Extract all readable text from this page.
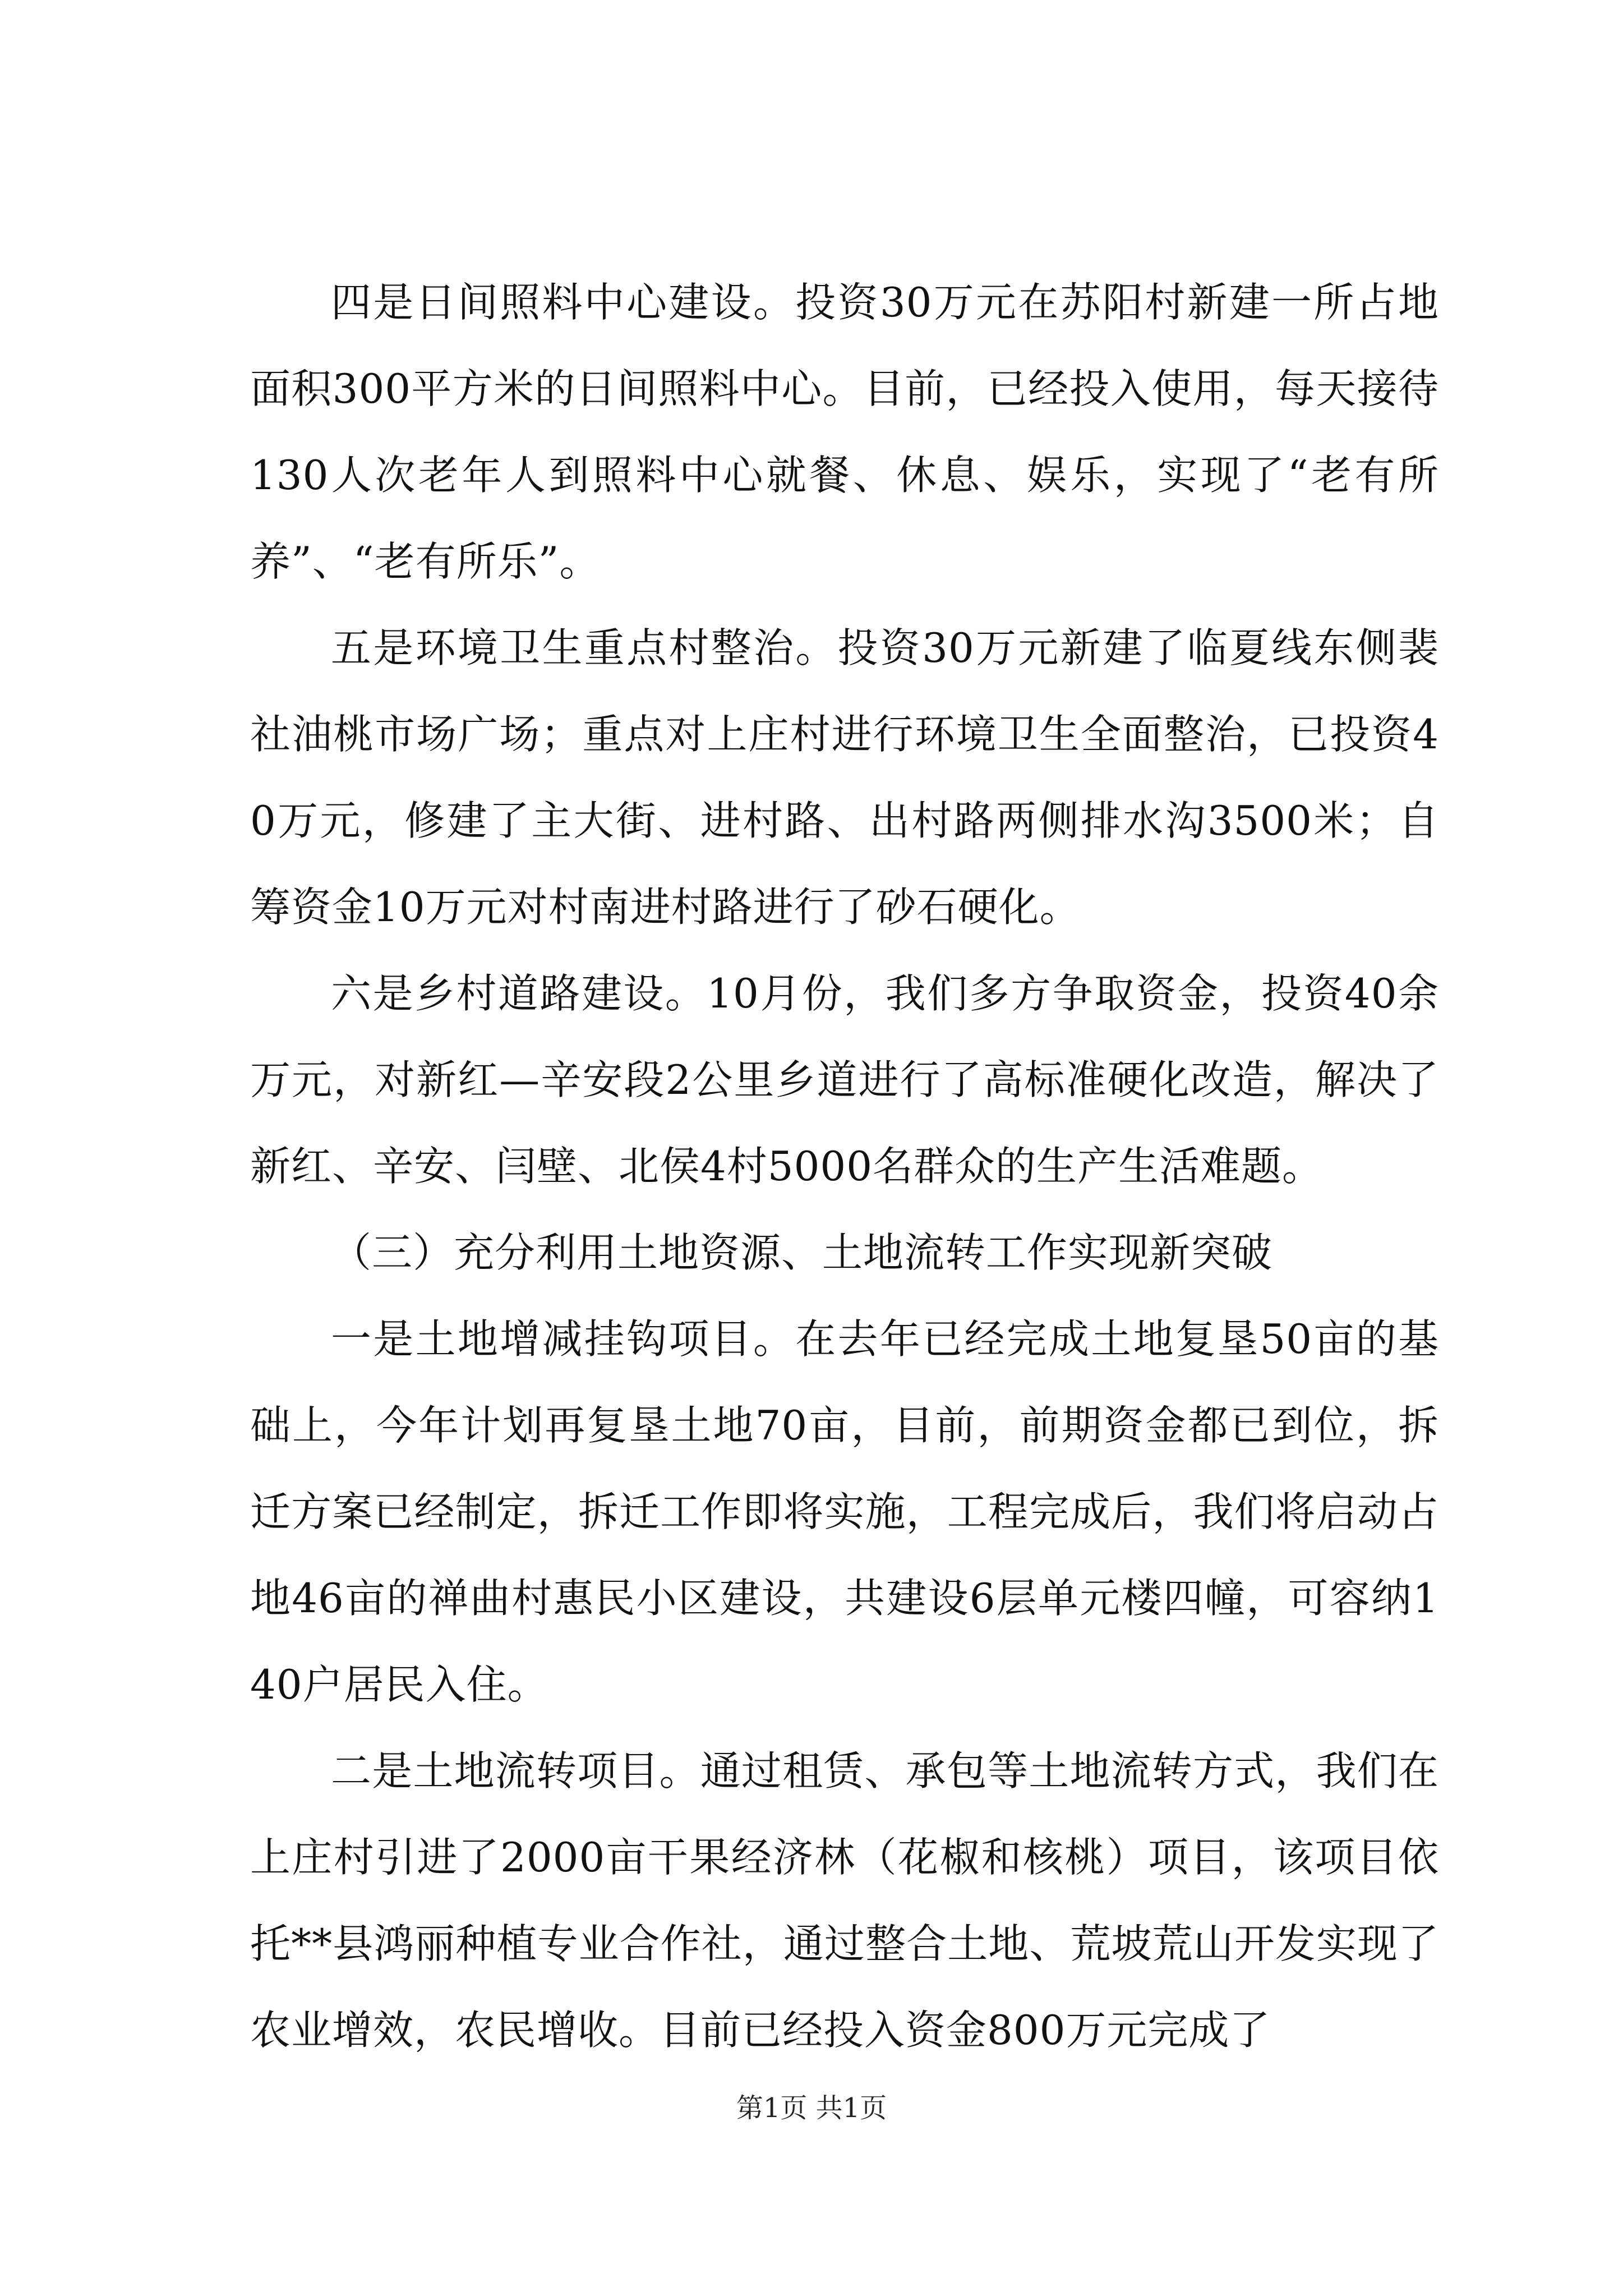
四是日间照料中心建设。投资30万元在苏阳村新建一所占地面积300平方米的日间照料中心。目前，已经投入使用，每天接待130人次老年人到照料中心就餐、休息、娱乐，实现了“老有所养”、“老有所乐”。

五是环境卫生重点村整治。投资30万元新建了临夏线东侧裴社油桃市场广场；重点对上庄村进行环境卫生全面整治，已投资40万元，修建了主大街、进村路、出村路两侧排水沟3500米；自筹资金10万元对村南进村路进行了砂石硬化。

六是乡村道路建设。10月份，我们多方争取资金，投资40余万元，对新红—辛安段2公里乡道进行了高标准硬化改造，解决了新红、辛安、闫壁、北侯4村5000名群众的生产生活难题。

（三）充分利用土地资源、土地流转工作实现新突破

一是土地增减挂钩项目。在去年已经完成土地复垦50亩的基础上，今年计划再复垦土地70亩，目前，前期资金都已到位，拆迁方案已经制定，拆迁工作即将实施，工程完成后，我们将启动占地46亩的禅曲村惠民小区建设，共建设6层单元楼四幢，可容纳140户居民入住。

二是土地流转项目。通过租赁、承包等土地流转方式，我们在上庄村引进了2000亩干果经济林（花椒和核桃）项目，该项目依托**县鸿丽种植专业合作社，通过整合土地、荒坡荒山开发实现了农业增效，农民增收。目前已经投入资金800万元完成了

第1页 共1页
